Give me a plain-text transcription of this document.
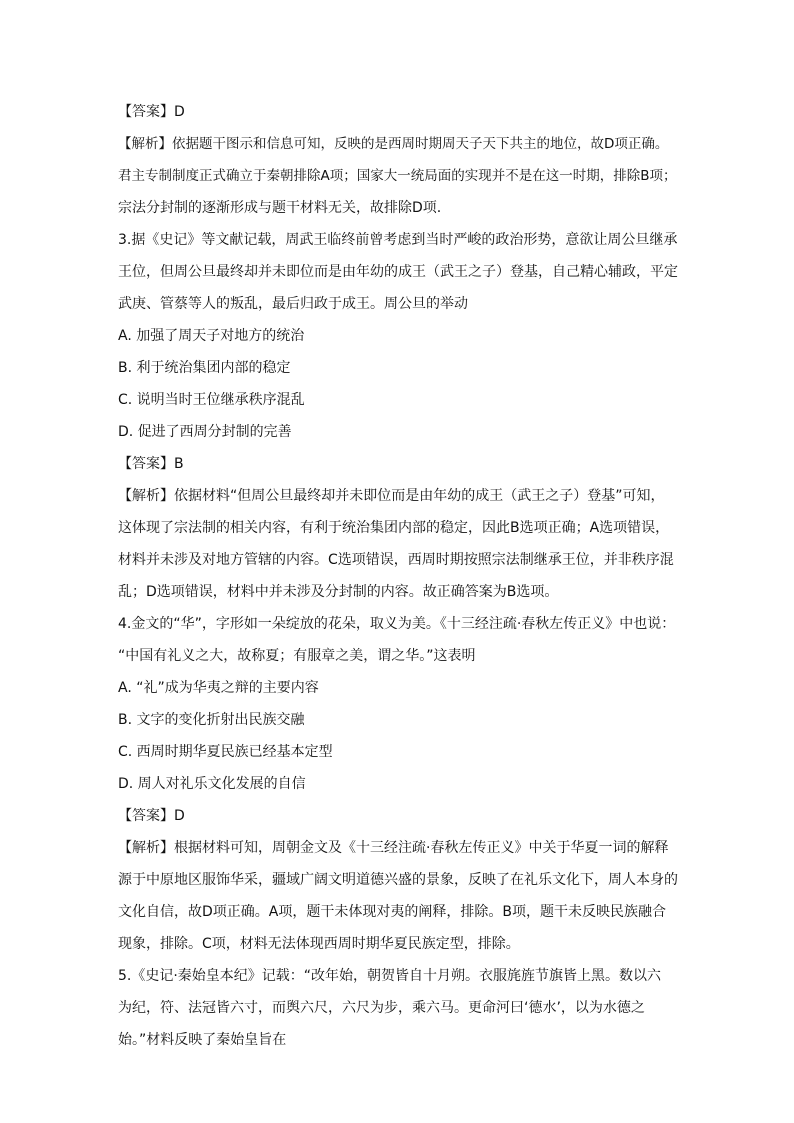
【答案】D
【解析】依据题干图示和信息可知，反映的是西周时期周天子天下共主的地位，故D项正确。
君主专制制度正式确立于秦朝排除A项；国家大一统局面的实现并不是在这一时期，排除B项；
宗法分封制的逐渐形成与题干材料无关，故排除D项.
3.据《史记》等文献记载，周武王临终前曾考虑到当时严峻的政治形势，意欲让周公旦继承
王位，但周公旦最终却并未即位而是由年幼的成王（武王之子）登基，自己精心辅政，平定
武庚、管蔡等人的叛乱，最后归政于成王。周公旦的举动
A. 加强了周天子对地方的统治
B. 利于统治集团内部的稳定
C. 说明当时王位继承秩序混乱
D. 促进了西周分封制的完善
【答案】B
【解析】依据材料“但周公旦最终却并未即位而是由年幼的成王（武王之子）登基”可知，
这体现了宗法制的相关内容，有利于统治集团内部的稳定，因此B选项正确；A选项错误，
材料并未涉及对地方管辖的内容。C选项错误，西周时期按照宗法制继承王位，并非秩序混
乱；D选项错误，材料中并未涉及分封制的内容。故正确答案为B选项。
4.金文的“华”，字形如一朵绽放的花朵，取义为美。《十三经注疏·春秋左传正义》中也说：
“中国有礼义之大，故称夏；有服章之美，谓之华。”这表明
A. “礼”成为华夷之辩的主要内容
B. 文字的变化折射出民族交融
C. 西周时期华夏民族已经基本定型
D. 周人对礼乐文化发展的自信
【答案】D
【解析】根据材料可知，周朝金文及《十三经注疏·春秋左传正义》中关于华夏一词的解释
源于中原地区服饰华采，疆域广阔文明道德兴盛的景象，反映了在礼乐文化下，周人本身的
文化自信，故D项正确。A项，题干未体现对夷的阐释，排除。B项，题干未反映民族融合
现象，排除。C项，材料无法体现西周时期华夏民族定型，排除。
5.《史记·秦始皇本纪》记载：“改年始，朝贺皆自十月朔。衣服旄旌节旗皆上黑。数以六
为纪，符、法冠皆六寸，而舆六尺，六尺为步，乘六马。更命河曰‘德水’，以为水德之
始。”材料反映了秦始皇旨在
